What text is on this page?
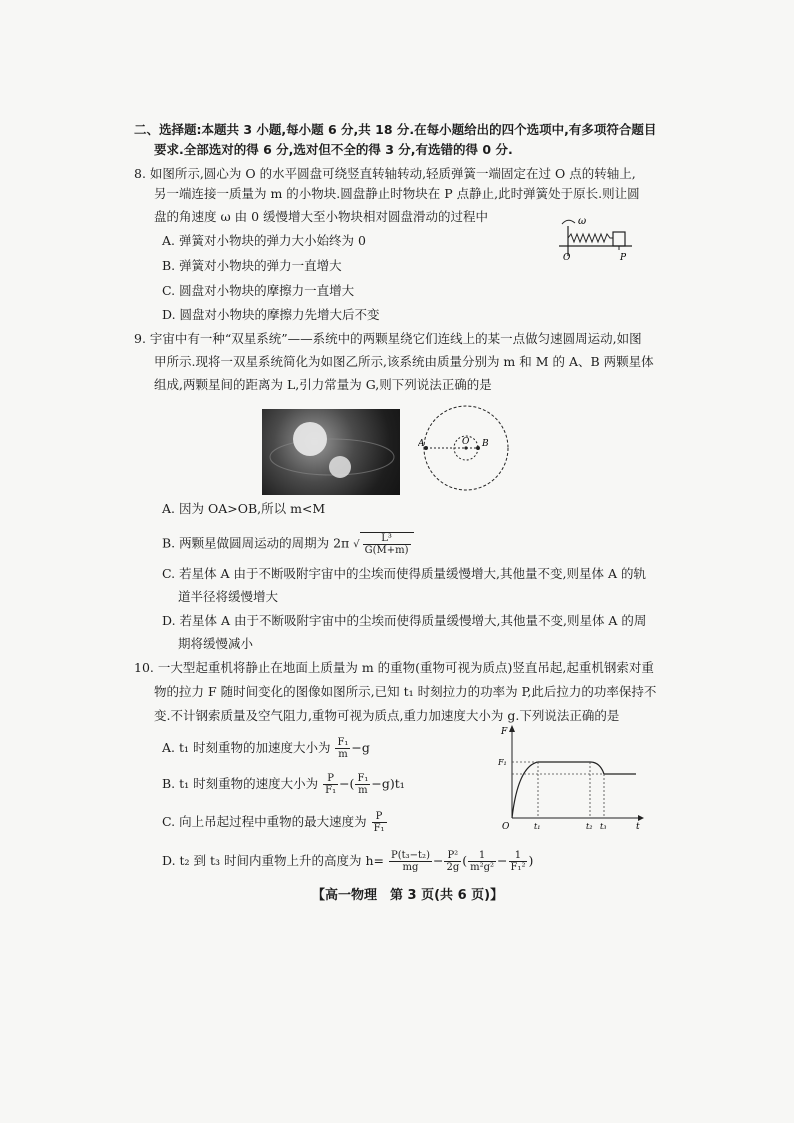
二、选择题:本题共 3 小题,每小题 6 分,共 18 分.在每小题给出的四个选项中,有多项符合题目
要求.全部选对的得 6 分,选对但不全的得 3 分,有选错的得 0 分.
8. 如图所示,圆心为 O 的水平圆盘可绕竖直转轴转动,轻质弹簧一端固定在过 O 点的转轴上,
另一端连接一质量为 m 的小物块.圆盘静止时物块在 P 点静止,此时弹簧处于原长.则让圆
盘的角速度 ω 由 0 缓慢增大至小物块相对圆盘滑动的过程中
A. 弹簧对小物块的弹力大小始终为 0
B. 弹簧对小物块的弹力一直增大
C. 圆盘对小物块的摩擦力一直增大
D. 圆盘对小物块的摩擦力先增大后不变
ω
O	P
9. 宇宙中有一种“双星系统”——系统中的两颗星绕它们连线上的某一点做匀速圆周运动,如图
甲所示.现将一双星系统简化为如图乙所示,该系统由质量分别为 m 和 M 的 A、B 两颗星体
组成,两颗星间的距离为 L,引力常量为 G,则下列说法正确的是
A	O B
A. 因为 OA>OB,所以 m<M
B. 两颗星做圆周运动的周期为 2π √ $\frac{\text{L³}}{G(M+m)}$
C. 若星体 A 由于不断吸附宇宙中的尘埃而使得质量缓慢增大,其他量不变,则星体 A 的轨
道半径将缓慢增大
D. 若星体 A 由于不断吸附宇宙中的尘埃而使得质量缓慢增大,其他量不变,则星体 A 的周
期将缓慢减小
10. 一大型起重机将静止在地面上质量为 m 的重物(重物可视为质点)竖直吊起,起重机钢索对重
物的拉力 F 随时间变化的图像如图所示,已知 t₁ 时刻拉力的功率为 P,此后拉力的功率保持不
变.不计钢索质量及空气阻力,重物可视为质点,重力加速度大小为 g.下列说法正确的是
A. t₁ 时刻重物的加速度大小为 $\frac{\text{F₁}}{m} -g$
B. t₁ 时刻重物的速度大小为 $\frac{P}{\text{F₁}}$ −( $\frac{\text{F₁}}{m} -g)t_1$
C. 向上吊起过程中重物的最大速度为 $\frac{P}{\text{F₁}}$
D. t₂ 到 t₃ 时间内重物上升的高度为 $h= \frac{\text{P(t₃−t₂)}}{mg} - \frac{\text{P²}}{2g}$ ( $\frac{1}{\text{m²g²}} - \frac{1}{\text{F₁²}}$ )
F
F₁
O	t₁	t₂ t₃	t
【高一物理　第 3 页(共 6 页)】
